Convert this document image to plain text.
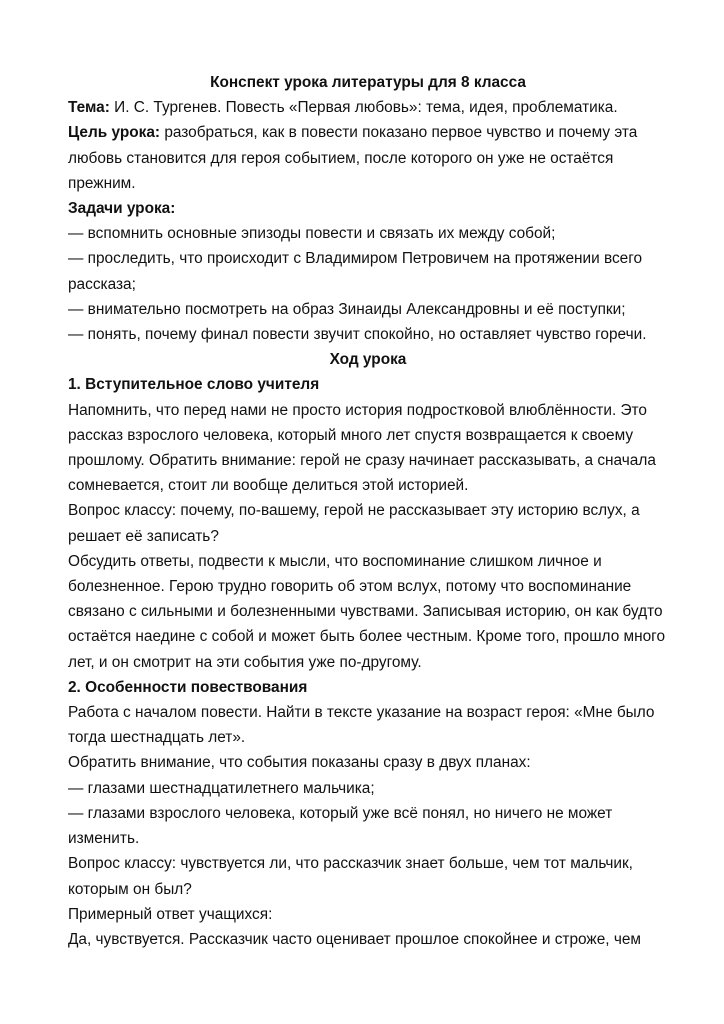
Конспект урока литературы для 8 класса

Тема: И. С. Тургенев. Повесть «Первая любовь»: тема, идея, проблематика.

Цель урока: разобраться, как в повести показано первое чувство и почему эта

любовь становится для героя событием, после которого он уже не остаётся

прежним.

Задачи урока:

— вспомнить основные эпизоды повести и связать их между собой;

— проследить, что происходит с Владимиром Петровичем на протяжении всего

рассказа;

— внимательно посмотреть на образ Зинаиды Александровны и её поступки;

— понять, почему финал повести звучит спокойно, но оставляет чувство горечи.

Ход урока

1. Вступительное слово учителя

Напомнить, что перед нами не просто история подростковой влюблённости. Это

рассказ взрослого человека, который много лет спустя возвращается к своему

прошлому. Обратить внимание: герой не сразу начинает рассказывать, а сначала

сомневается, стоит ли вообще делиться этой историей.

Вопрос классу: почему, по-вашему, герой не рассказывает эту историю вслух, а

решает её записать?

Обсудить ответы, подвести к мысли, что воспоминание слишком личное и

болезненное. Герою трудно говорить об этом вслух, потому что воспоминание

связано с сильными и болезненными чувствами. Записывая историю, он как будто

остаётся наедине с собой и может быть более честным. Кроме того, прошло много

лет, и он смотрит на эти события уже по-другому.

2. Особенности повествования

Работа с началом повести. Найти в тексте указание на возраст героя: «Мне было

тогда шестнадцать лет».

Обратить внимание, что события показаны сразу в двух планах:

— глазами шестнадцатилетнего мальчика;

— глазами взрослого человека, который уже всё понял, но ничего не может

изменить.

Вопрос классу: чувствуется ли, что рассказчик знает больше, чем тот мальчик,

которым он был?

Примерный ответ учащихся:

Да, чувствуется. Рассказчик часто оценивает прошлое спокойнее и строже, чем
